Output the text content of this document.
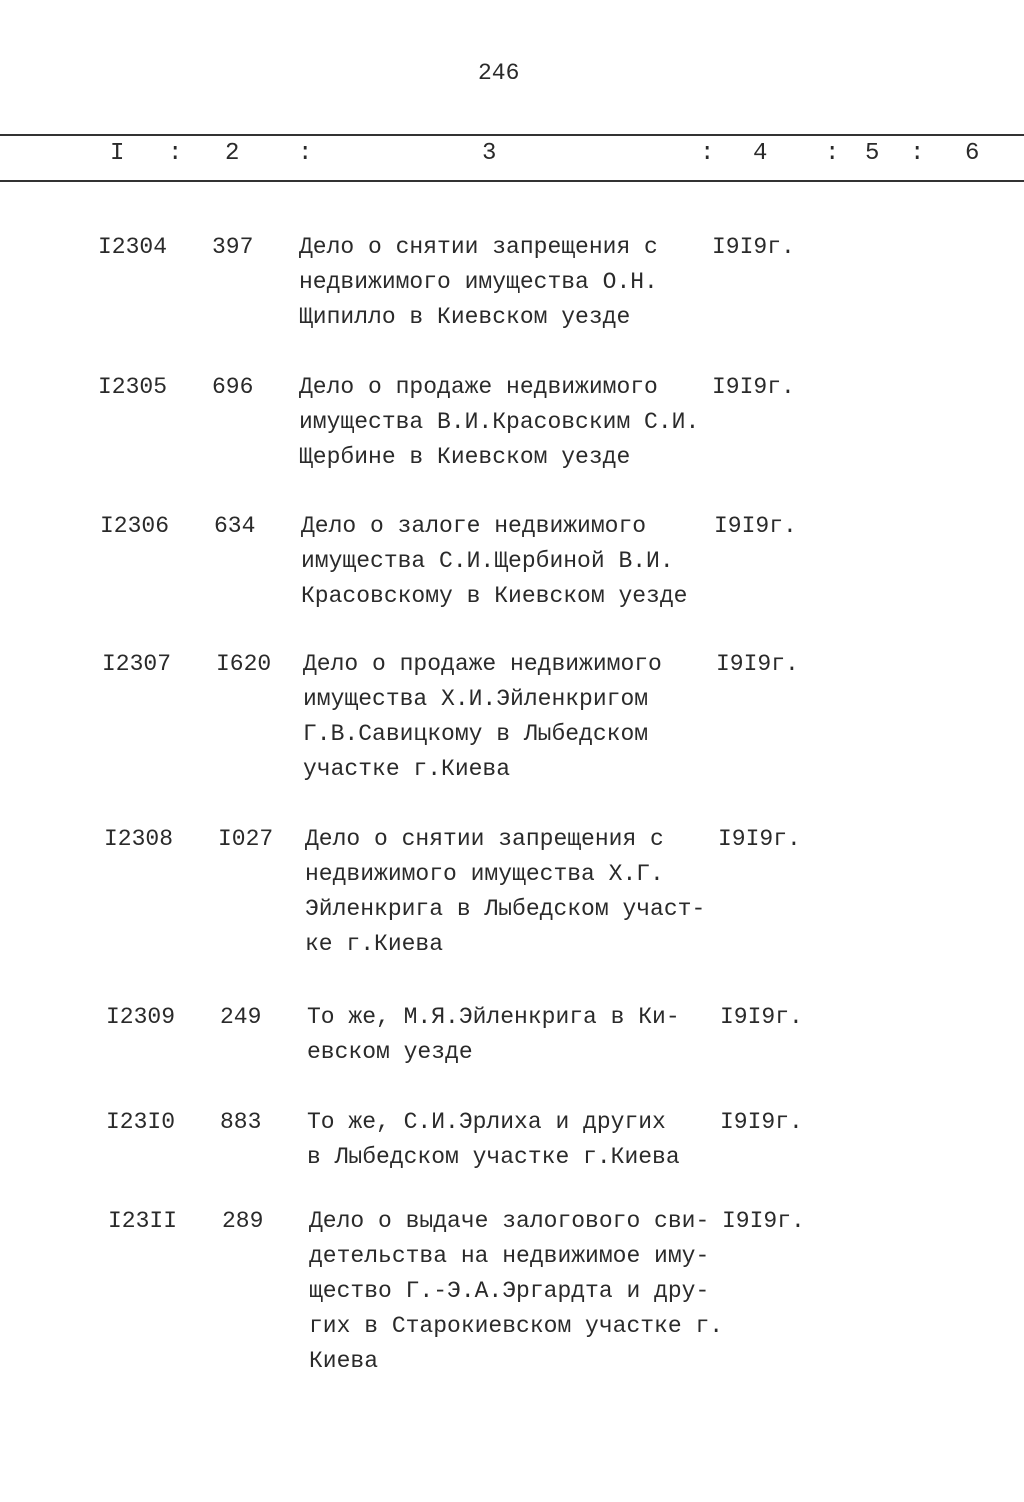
246
I : 2 :	3	: 4 : 5 : 6
I2304 397 Дело о снятии запрещения с
недвижимого имущества О.Н.
Щипилло в Киевском уезде
I9I9г.
I2305 696 Дело о продаже недвижимого
имущества В.И.Красовским С.И.
Щербине в Киевском уезде
I9I9г.
I2306 634 Дело о залоге недвижимого
имущества С.И.Щербиной В.И.
Красовскому в Киевском уезде
I9I9г.
I2307 I620 Дело о продаже недвижимого
имущества Х.И.Эйленкригом
Г.В.Савицкому в Лыбедском
участке г.Киева
I9I9г.
I2308 I027 Дело о снятии запрещения с
недвижимого имущества Х.Г.
Эйленкрига в Лыбедском участ-
ке г.Киева
I9I9г.
I2309 249 То же, М.Я.Эйленкрига в Ки-
евском уезде
I9I9г.
I23I0 883 То же, С.И.Эрлиха и других
в Лыбедском участке г.Киева
I9I9г.
I23II 289 Дело о выдаче залогового сви-
детельства на недвижимое иму-
щество Г.-Э.А.Эргардта и дру-
гих в Старокиевском участке г.
Киева
I9I9г.
